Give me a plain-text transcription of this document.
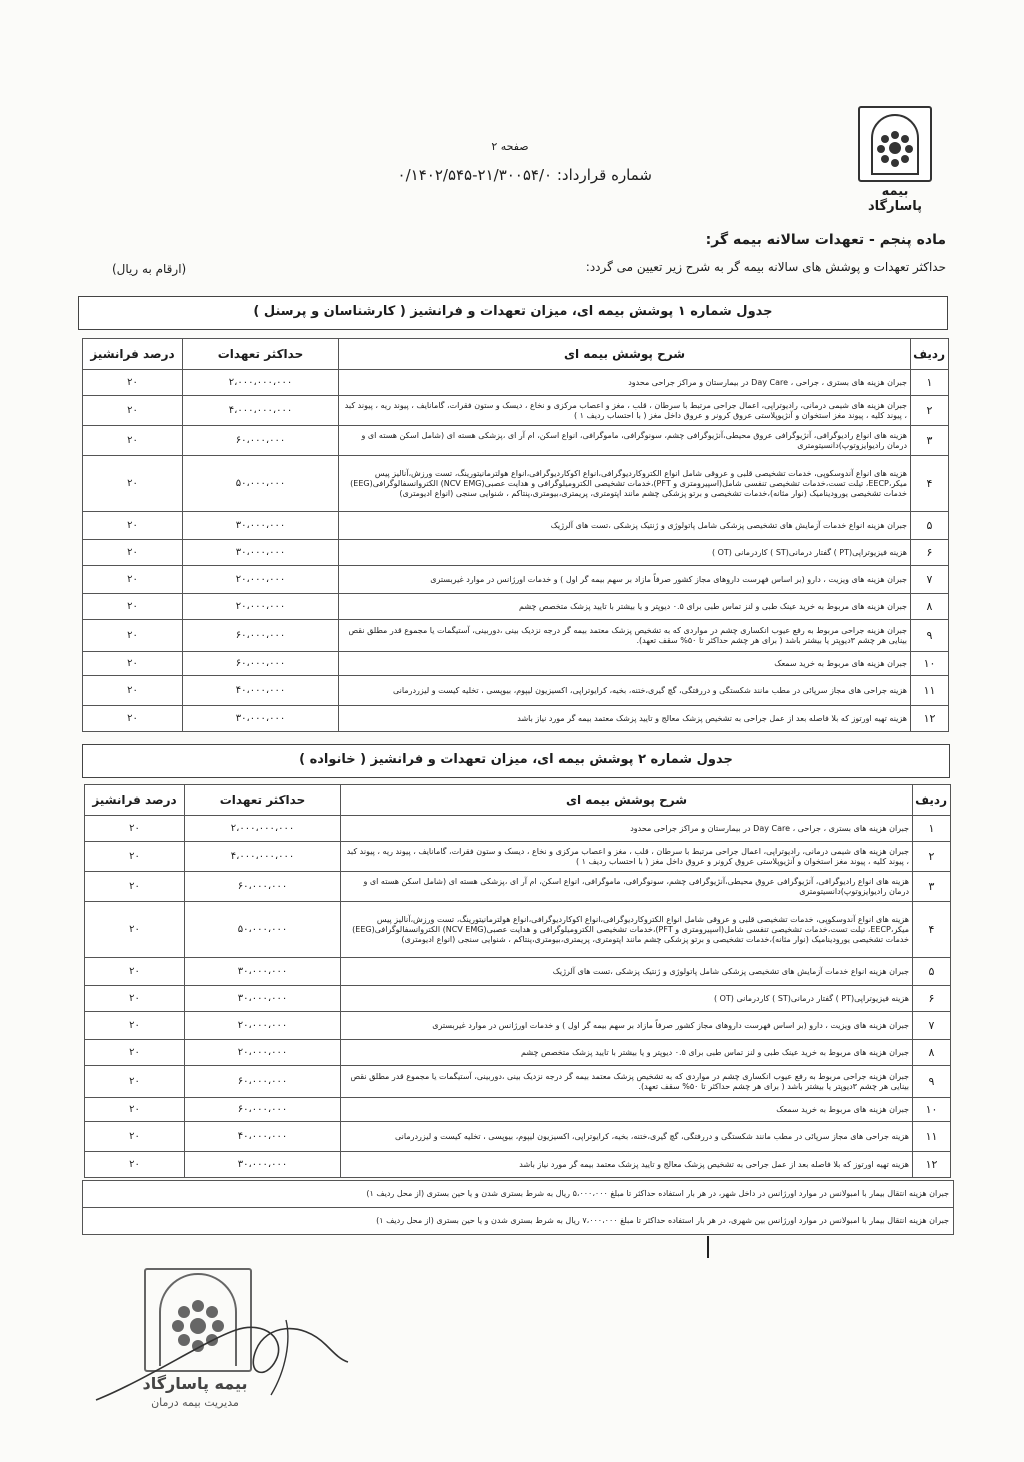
بیمه پاسارگاد
صفحه ۲
شماره قرارداد: ۲۱/۳۰۰۵۴/۰-۰/۱۴۰۲/۵۴۵
ماده پنجم - تعهدات سالانه بیمه گر:
حداکثر تعهدات و پوشش های سالانه بیمه گر به شرح زیر تعیین می گردد:
(ارقام به ریال)
جدول شماره ۱ پوشش بیمه ای، میزان تعهدات و فرانشیز ( کارشناسان و پرسنل )
ردیف	شرح پوشش بیمه ای	حداکثر تعهدات	درصد فرانشیز
۱	جبران هزینه های بستری ، جراحی ، Day Care در بیمارستان و مراکز جراحی محدود	۲،۰۰۰،۰۰۰،۰۰۰	۲۰
۲	جبران هزینه های شیمی درمانی، رادیوتراپی، اعمال جراحی مرتبط با سرطان ، قلب ، مغز و اعصاب مرکزی و نخاع ، دیسک و ستون فقرات، گامانایف ، پیوند ریه ، پیوند کبد ، پیوند کلیه ، پیوند مغز استخوان و آنژیوپلاستی عروق کرونر و عروق داخل مغز ( با احتساب ردیف ۱ )	۴،۰۰۰،۰۰۰،۰۰۰	۲۰
۳	هزینه های انواع رادیوگرافی، آنژیوگرافی عروق محیطی،آنژیوگرافی چشم، سونوگرافی، ماموگرافی، انواع اسکن، ام آر ای ،پزشکی هسته ای (شامل اسکن هسته ای و درمان رادیوایزوتوپ)دانسیتومتری	۶۰،۰۰۰،۰۰۰	۲۰
۴	هزینه های انواع آندوسکوپی، خدمات تشخیصی قلبی و عروقی شامل انواع الکتروکاردیوگرافی،انواع اکوکاردیوگرافی،انواع هولترمانیتورینگ، تست ورزش،آنالیز پیس میکر،EECP، تیلت تست،خدمات تشخیصی تنفسی شامل(اسپیرومتری و PFT)،خدمات تشخیصی الکترومیلوگرافی و هدایت عصبی(NCV EMG) الکتروانسفالوگرافی(EEG) خدمات تشخیصی یورودینامیک (نوار مثانه)،خدمات تشخیصی و برتو پزشکی چشم مانند اپتومتری، پریمتری،بیومتری،پنتاکم ، شنوایی سنجی (انواع ادیومتری)	۵۰،۰۰۰،۰۰۰	۲۰
۵	جبران هزینه انواع خدمات آزمایش های تشخیصی پزشکی شامل پاتولوژی و ژنتیک پزشکی ،تست های آلرژیک	۳۰،۰۰۰،۰۰۰	۲۰
۶	هزینه فیزیوتراپی(PT ) گفتار درمانی(ST ) کاردرمانی (OT )	۳۰،۰۰۰،۰۰۰	۲۰
۷	جبران هزینه های ویزیت ، دارو (بر اساس فهرست داروهای مجاز کشور صرفاً مازاد بر سهم بیمه گر اول ) و خدمات اورژانس در موارد غیربستری	۲۰،۰۰۰،۰۰۰	۲۰
۸	جبران هزینه های مربوط به خرید عینک طبی و لنز تماس طبی برای ۰.۵ دیوپتر و یا بیشتر با تایید پزشک متخصص چشم	۲۰،۰۰۰،۰۰۰	۲۰
۹	جبران هزینه جراحی مربوط به رفع عیوب انکساری چشم در مواردی که به تشخیص پزشک معتمد بیمه گر درجه نزدیک بینی ،دوربینی، آستیگمات یا مجموع قدر مطلق نقص بینایی هر چشم ۳دیوپتر یا بیشتر باشد ( برای هر چشم حداکثر تا ۵۰% سقف تعهد).	۶۰،۰۰۰،۰۰۰	۲۰
۱۰	جبران هزینه های مربوط به خرید سمعک	۶۰،۰۰۰،۰۰۰	۲۰
۱۱	هزینه جراحی های مجاز سرپائی در مطب مانند شکستگی و دررفتگی، گچ گیری،ختنه، بخیه، کرایوتراپی، اکسیزیون لیپوم، بیوپسی ، تخلیه کیست و لیزردرمانی	۴۰،۰۰۰،۰۰۰	۲۰
۱۲	هزینه تهیه اورتوز که بلا فاصله بعد از عمل جراحی به تشخیص پزشک معالج و تایید پزشک معتمد بیمه گر مورد نیاز باشد	۳۰،۰۰۰،۰۰۰	۲۰
جدول شماره ۲ پوشش بیمه ای، میزان تعهدات و فرانشیز ( خانواده )
ردیف	شرح پوشش بیمه ای	حداکثر تعهدات	درصد فرانشیز
۱	جبران هزینه های بستری ، جراحی ، Day Care در بیمارستان و مراکز جراحی محدود	۲،۰۰۰،۰۰۰،۰۰۰	۲۰
۲	جبران هزینه های شیمی درمانی، رادیوتراپی، اعمال جراحی مرتبط با سرطان ، قلب ، مغز و اعصاب مرکزی و نخاع ، دیسک و ستون فقرات، گامانایف ، پیوند ریه ، پیوند کبد ، پیوند کلیه ، پیوند مغز استخوان و آنژیوپلاستی عروق کرونر و عروق داخل مغز ( با احتساب ردیف ۱ )	۴،۰۰۰،۰۰۰،۰۰۰	۲۰
۳	هزینه های انواع رادیوگرافی، آنژیوگرافی عروق محیطی،آنژیوگرافی چشم، سونوگرافی، ماموگرافی، انواع اسکن، ام آر ای ،پزشکی هسته ای (شامل اسکن هسته ای و درمان رادیوایزوتوپ)دانسیتومتری	۶۰،۰۰۰،۰۰۰	۲۰
۴	هزینه های انواع آندوسکوپی، خدمات تشخیصی قلبی و عروقی شامل انواع الکتروکاردیوگرافی،انواع اکوکاردیوگرافی،انواع هولترمانیتورینگ، تست ورزش،آنالیز پیس میکر،EECP، تیلت تست،خدمات تشخیصی تنفسی شامل(اسپیرومتری و PFT)،خدمات تشخیصی الکترومیلوگرافی و هدایت عصبی(NCV EMG) الکتروانسفالوگرافی(EEG) خدمات تشخیصی یورودینامیک (نوار مثانه)،خدمات تشخیصی و برتو پزشکی چشم مانند اپتومتری، پریمتری،بیومتری،پنتاکم ، شنوایی سنجی (انواع ادیومتری)	۵۰،۰۰۰،۰۰۰	۲۰
۵	جبران هزینه انواع خدمات آزمایش های تشخیصی پزشکی شامل پاتولوژی و ژنتیک پزشکی ،تست های آلرژیک	۳۰،۰۰۰،۰۰۰	۲۰
۶	هزینه فیزیوتراپی(PT ) گفتار درمانی(ST ) کاردرمانی (OT )	۳۰،۰۰۰،۰۰۰	۲۰
۷	جبران هزینه های ویزیت ، دارو (بر اساس فهرست داروهای مجاز کشور صرفاً مازاد بر سهم بیمه گر اول ) و خدمات اورژانس در موارد غیربستری	۲۰،۰۰۰،۰۰۰	۲۰
۸	جبران هزینه های مربوط به خرید عینک طبی و لنز تماس طبی برای ۰.۵ دیوپتر و یا بیشتر با تایید پزشک متخصص چشم	۲۰،۰۰۰،۰۰۰	۲۰
۹	جبران هزینه جراحی مربوط به رفع عیوب انکساری چشم در مواردی که به تشخیص پزشک معتمد بیمه گر درجه نزدیک بینی ،دوربینی، آستیگمات یا مجموع قدر مطلق نقص بینایی هر چشم ۳دیوپتر یا بیشتر باشد ( برای هر چشم حداکثر تا ۵۰% سقف تعهد).	۶۰،۰۰۰،۰۰۰	۲۰
۱۰	جبران هزینه های مربوط به خرید سمعک	۶۰،۰۰۰،۰۰۰	۲۰
۱۱	هزینه جراحی های مجاز سرپائی در مطب مانند شکستگی و دررفتگی، گچ گیری،ختنه، بخیه، کرایوتراپی، اکسیزیون لیپوم، بیوپسی ، تخلیه کیست و لیزردرمانی	۴۰،۰۰۰،۰۰۰	۲۰
۱۲	هزینه تهیه اورتوز که بلا فاصله بعد از عمل جراحی به تشخیص پزشک معالج و تایید پزشک معتمد بیمه گر مورد نیاز باشد	۳۰،۰۰۰،۰۰۰	۲۰
جبران هزینه انتقال بیمار با امبولانس در موارد اورژانس در داخل شهر، در هر بار استفاده حداکثر تا مبلغ ۵،۰۰۰،۰۰۰ ریال به شرط بستری شدن و یا حین بستری (از محل ردیف ۱)
جبران هزینه انتقال بیمار با امبولانس در موارد اورژانس بین شهری، در هر بار استفاده حداکثر تا مبلغ ۷،۰۰۰،۰۰۰ ریال به شرط بستری شدن و یا حین بستری (از محل ردیف ۱)
بیمه پاسارگاد
مدیریت بیمه درمان
